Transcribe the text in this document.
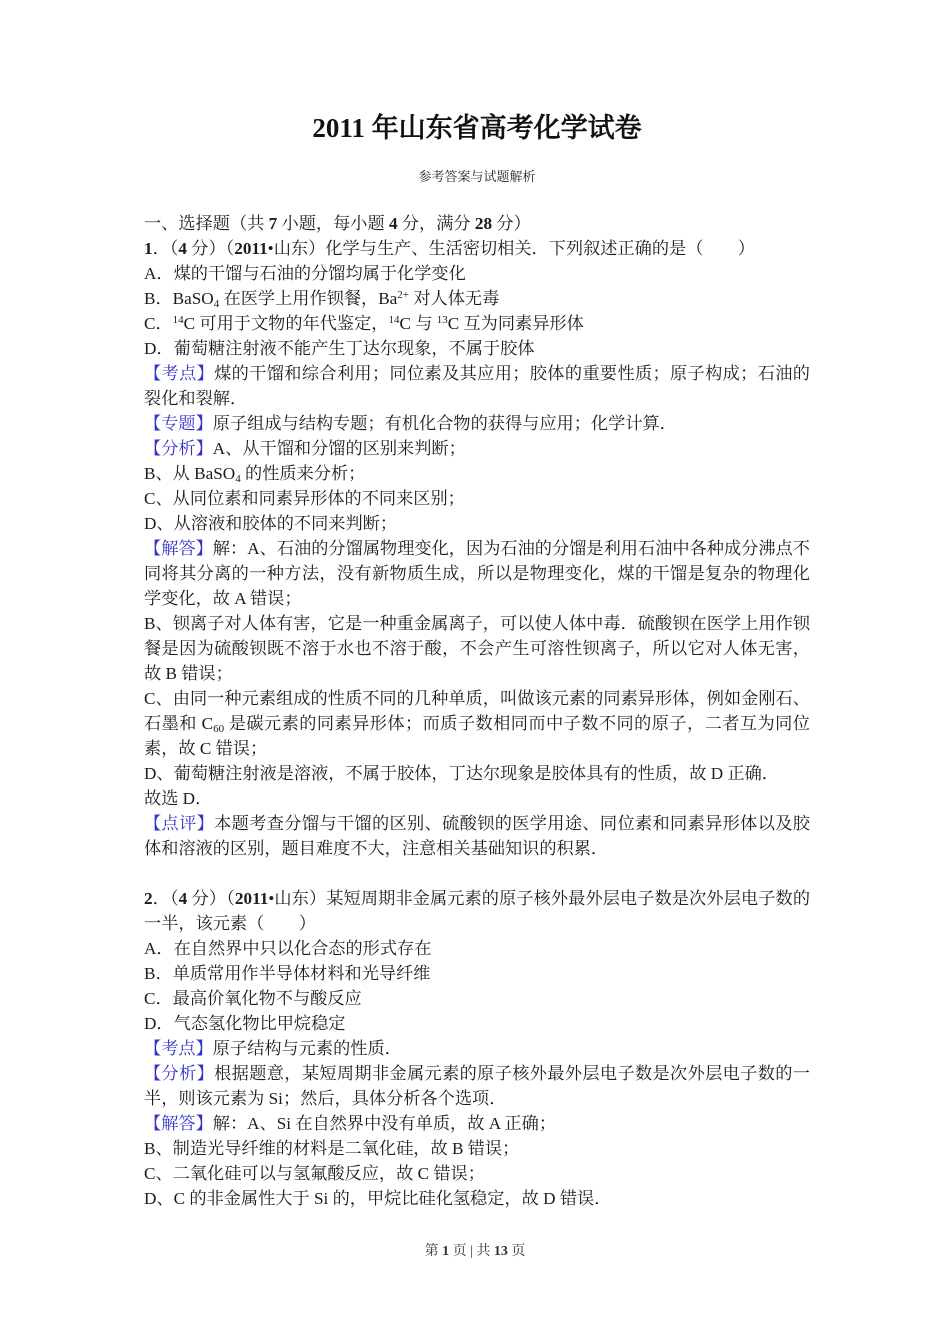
2011 年山东省高考化学试卷
参考答案与试题解析

一、选择题（共 7 小题，每小题 4 分，满分 28 分）

1．（4 分）（2011•山东）化学与生产、生活密切相关．下列叙述正确的是（　　）

A．煤的干馏与石油的分馏均属于化学变化

B．BaSO$_4$ 在医学上用作钡餐，$Ba^{2+}$ 对人体无毒

C．$^{14}$C 可用于文物的年代鉴定，$^{14}$C 与 $^{13}$C 互为同素异形体

D．葡萄糖注射液不能产生丁达尔现象，不属于胶体

【考点】煤的干馏和综合利用；同位素及其应用；胶体的重要性质；原子构成；石油的裂化和裂解．

【专题】原子组成与结构专题；有机化合物的获得与应用；化学计算．

【分析】A、从干馏和分馏的区别来判断；

B、从 BaSO$_4$ 的性质来分析；

C、从同位素和同素异形体的不同来区别；

D、从溶液和胶体的不同来判断；

【解答】解：A、石油的分馏属物理变化，因为石油的分馏是利用石油中各种成分沸点不同将其分离的一种方法，没有新物质生成，所以是物理变化，煤的干馏是复杂的物理化学变化，故 A 错误；

B、钡离子对人体有害，它是一种重金属离子，可以使人体中毒．硫酸钡在医学上用作钡餐是因为硫酸钡既不溶于水也不溶于酸，不会产生可溶性钡离子，所以它对人体无害，故 B 错误；

C、由同一种元素组成的性质不同的几种单质，叫做该元素的同素异形体，例如金刚石、石墨和 $C_{60}$ 是碳元素的同素异形体；而质子数相同而中子数不同的原子，二者互为同位素，故 C 错误；

D、葡萄糖注射液是溶液，不属于胶体，丁达尔现象是胶体具有的性质，故 D 正确．

故选 D．

【点评】本题考查分馏与干馏的区别、硫酸钡的医学用途、同位素和同素异形体以及胶体和溶液的区别，题目难度不大，注意相关基础知识的积累．

2．（4 分）（2011•山东）某短周期非金属元素的原子核外最外层电子数是次外层电子数的一半，该元素（　　）

A．在自然界中只以化合态的形式存在

B．单质常用作半导体材料和光导纤维

C．最高价氧化物不与酸反应

D．气态氢化物比甲烷稳定

【考点】原子结构与元素的性质．

【分析】根据题意，某短周期非金属元素的原子核外最外层电子数是次外层电子数的一半，则该元素为 Si；然后，具体分析各个选项．

【解答】解：A、Si 在自然界中没有单质，故 A 正确；

B、制造光导纤维的材料是二氧化硅，故 B 错误；

C、二氧化硅可以与氢氟酸反应，故 C 错误；

D、C 的非金属性大于 Si 的，甲烷比硅化氢稳定，故 D 错误．

第 1 页 | 共 13 页
